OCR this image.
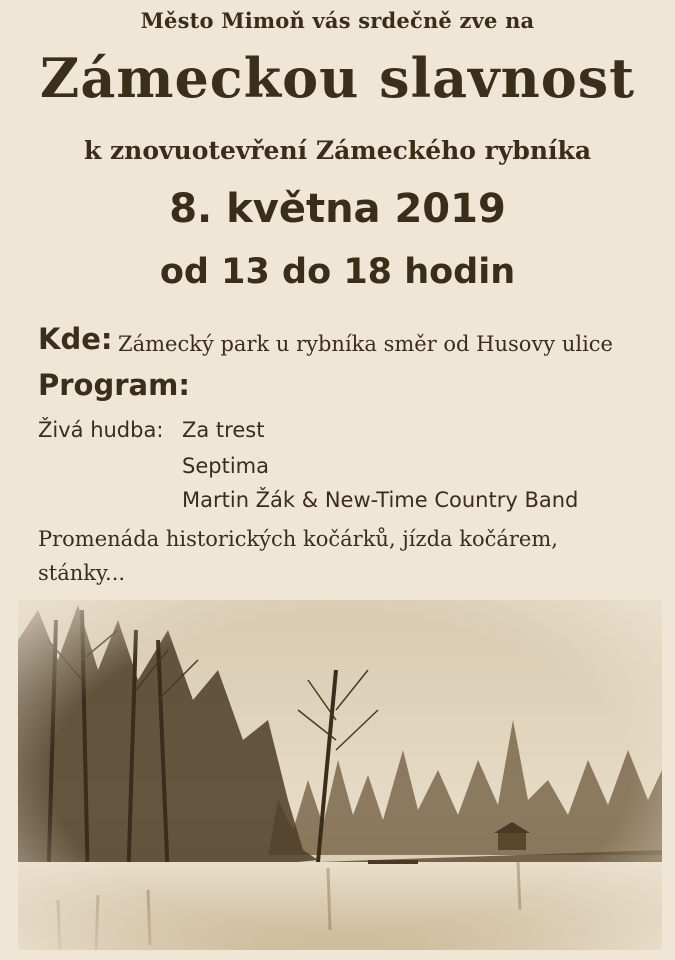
Město Mimoň vás srdečně zve na
Zámeckou slavnost
k znovuotevření Zámeckého rybníka
8. května 2019
od 13 do 18 hodin
Kde: Zámecký park u rybníka směr od Husovy ulice
Program:
Živá hudba: Za trest
Septima
Martin Žák & New-Time Country Band
Promenáda historických kočárků, jízda kočárem,
stánky...
